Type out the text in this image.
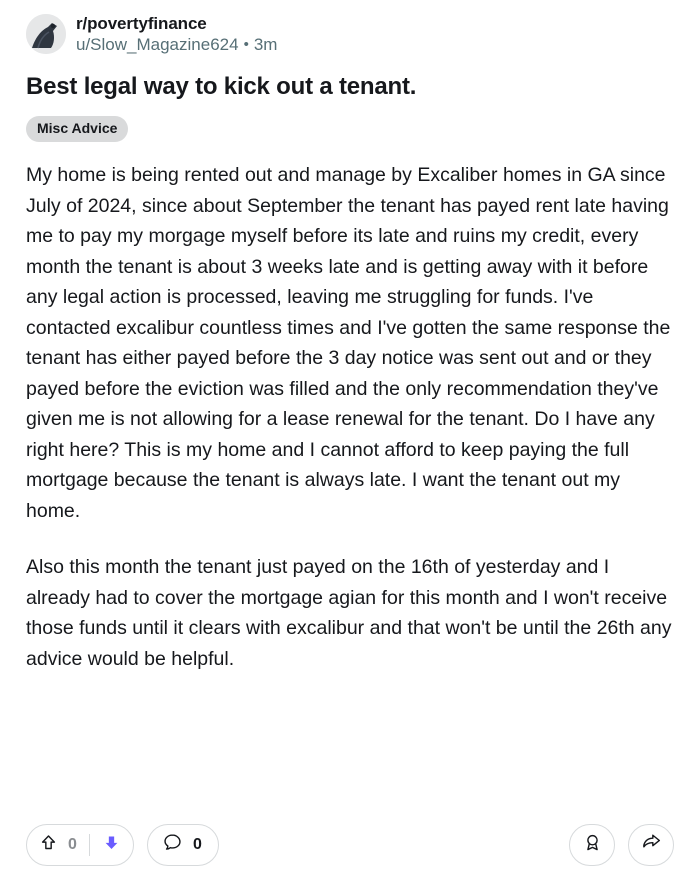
r/povertyfinance
u/Slow_Magazine624 • 3m
Best legal way to kick out a tenant.
Misc Advice

My home is being rented out and manage by Excaliber homes in GA since July of 2024, since about September the tenant has payed rent late having me to pay my morgage myself before its late and ruins my credit, every month the tenant is about 3 weeks late and is getting away with it before any legal action is processed, leaving me struggling for funds. I've contacted excalibur countless times and I've gotten the same response the tenant has either payed before the 3 day notice was sent out and or they payed before the eviction was filled and the only recommendation they've given me is not allowing for a lease renewal for the tenant. Do I have any right here? This is my home and I cannot afford to keep paying the full mortgage because the tenant is always late. I want the tenant out my home.

Also this month the tenant just payed on the 16th of yesterday and I already had to cover the mortgage agian for this month and I won't receive those funds until it clears with excalibur and that won't be until the 26th any advice would be helpful.

0	0
